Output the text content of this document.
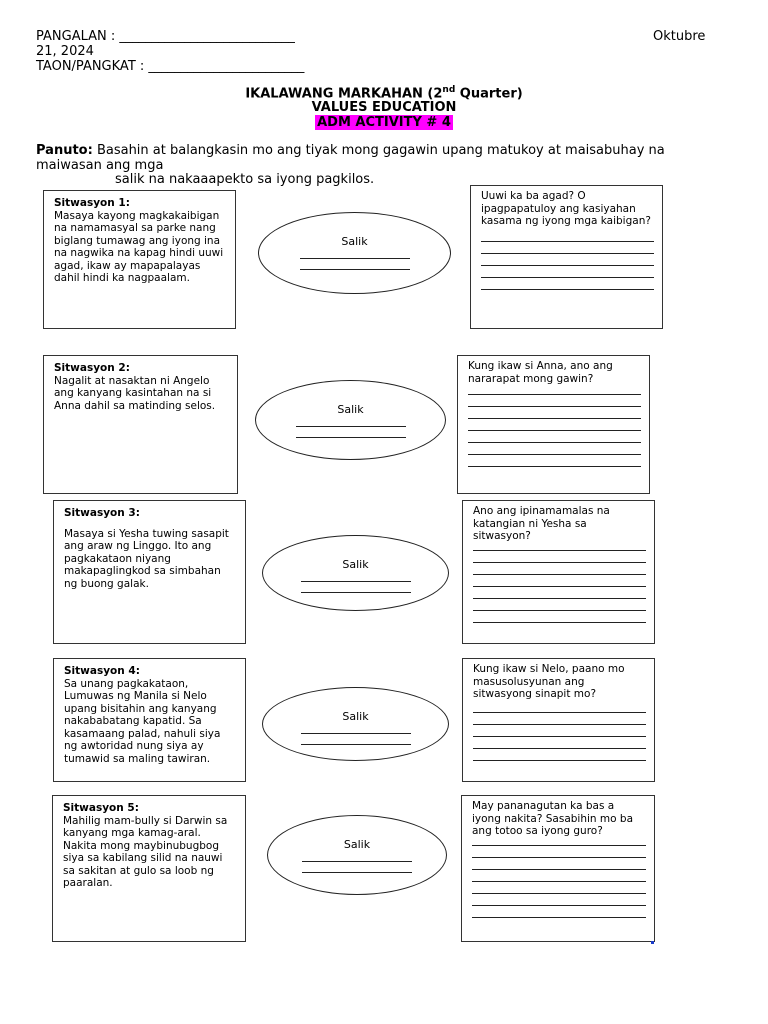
PANGALAN : ___________________________	Oktubre
21, 2024
TAON/PANGKAT : ________________________
IKALAWANG MARKAHAN (2nd Quarter)
VALUES EDUCATION
ADM ACTIVITY # 4
Panuto: Basahin at balangkasin mo ang tiyak mong gagawin upang matukoy at maisabuhay na maiwasan ang mga
salik na nakaaapekto sa iyong pagkilos.
Sitwasyon 1:
Masaya kayong magkakaibigan na namamasyal sa parke nang biglang tumawag ang iyong ina na nagwika na kapag hindi uuwi agad, ikaw ay mapapalayas dahil hindi ka nagpaalam.
Salik
Uuwi ka ba agad? O ipagpapatuloy ang kasiyahan kasama ng iyong mga kaibigan?
Sitwasyon 2:
Nagalit at nasaktan ni Angelo ang kanyang kasintahan na si Anna dahil sa matinding selos.	Salik
Kung ikaw si Anna, ano ang nararapat mong gawin?
Sitwasyon 3:
Masaya si Yesha tuwing sasapit ang araw ng Linggo. Ito ang pagkakataon niyang makapaglingkod sa simbahan ng buong galak.
Salik
Ano ang ipinamamalas na katangian ni Yesha sa sitwasyon?
Sitwasyon 4:
Sa unang pagkakataon, Lumuwas ng Manila si Nelo upang bisitahin ang kanyang nakababatang kapatid. Sa kasamaang palad, nahuli siya ng awtoridad nung siya ay tumawid sa maling tawiran.
Salik
Kung ikaw si Nelo, paano mo masusolusyunan ang sitwasyong sinapit mo?
Sitwasyon 5:
Mahilig mam-bully si Darwin sa kanyang mga kamag-aral. Nakita mong maybinubugbog siya sa kabilang silid na nauwi sa sakitan at gulo sa loob ng paaralan.
Salik
May pananagutan ka bas a iyong nakita? Sasabihin mo ba ang totoo sa iyong guro?
